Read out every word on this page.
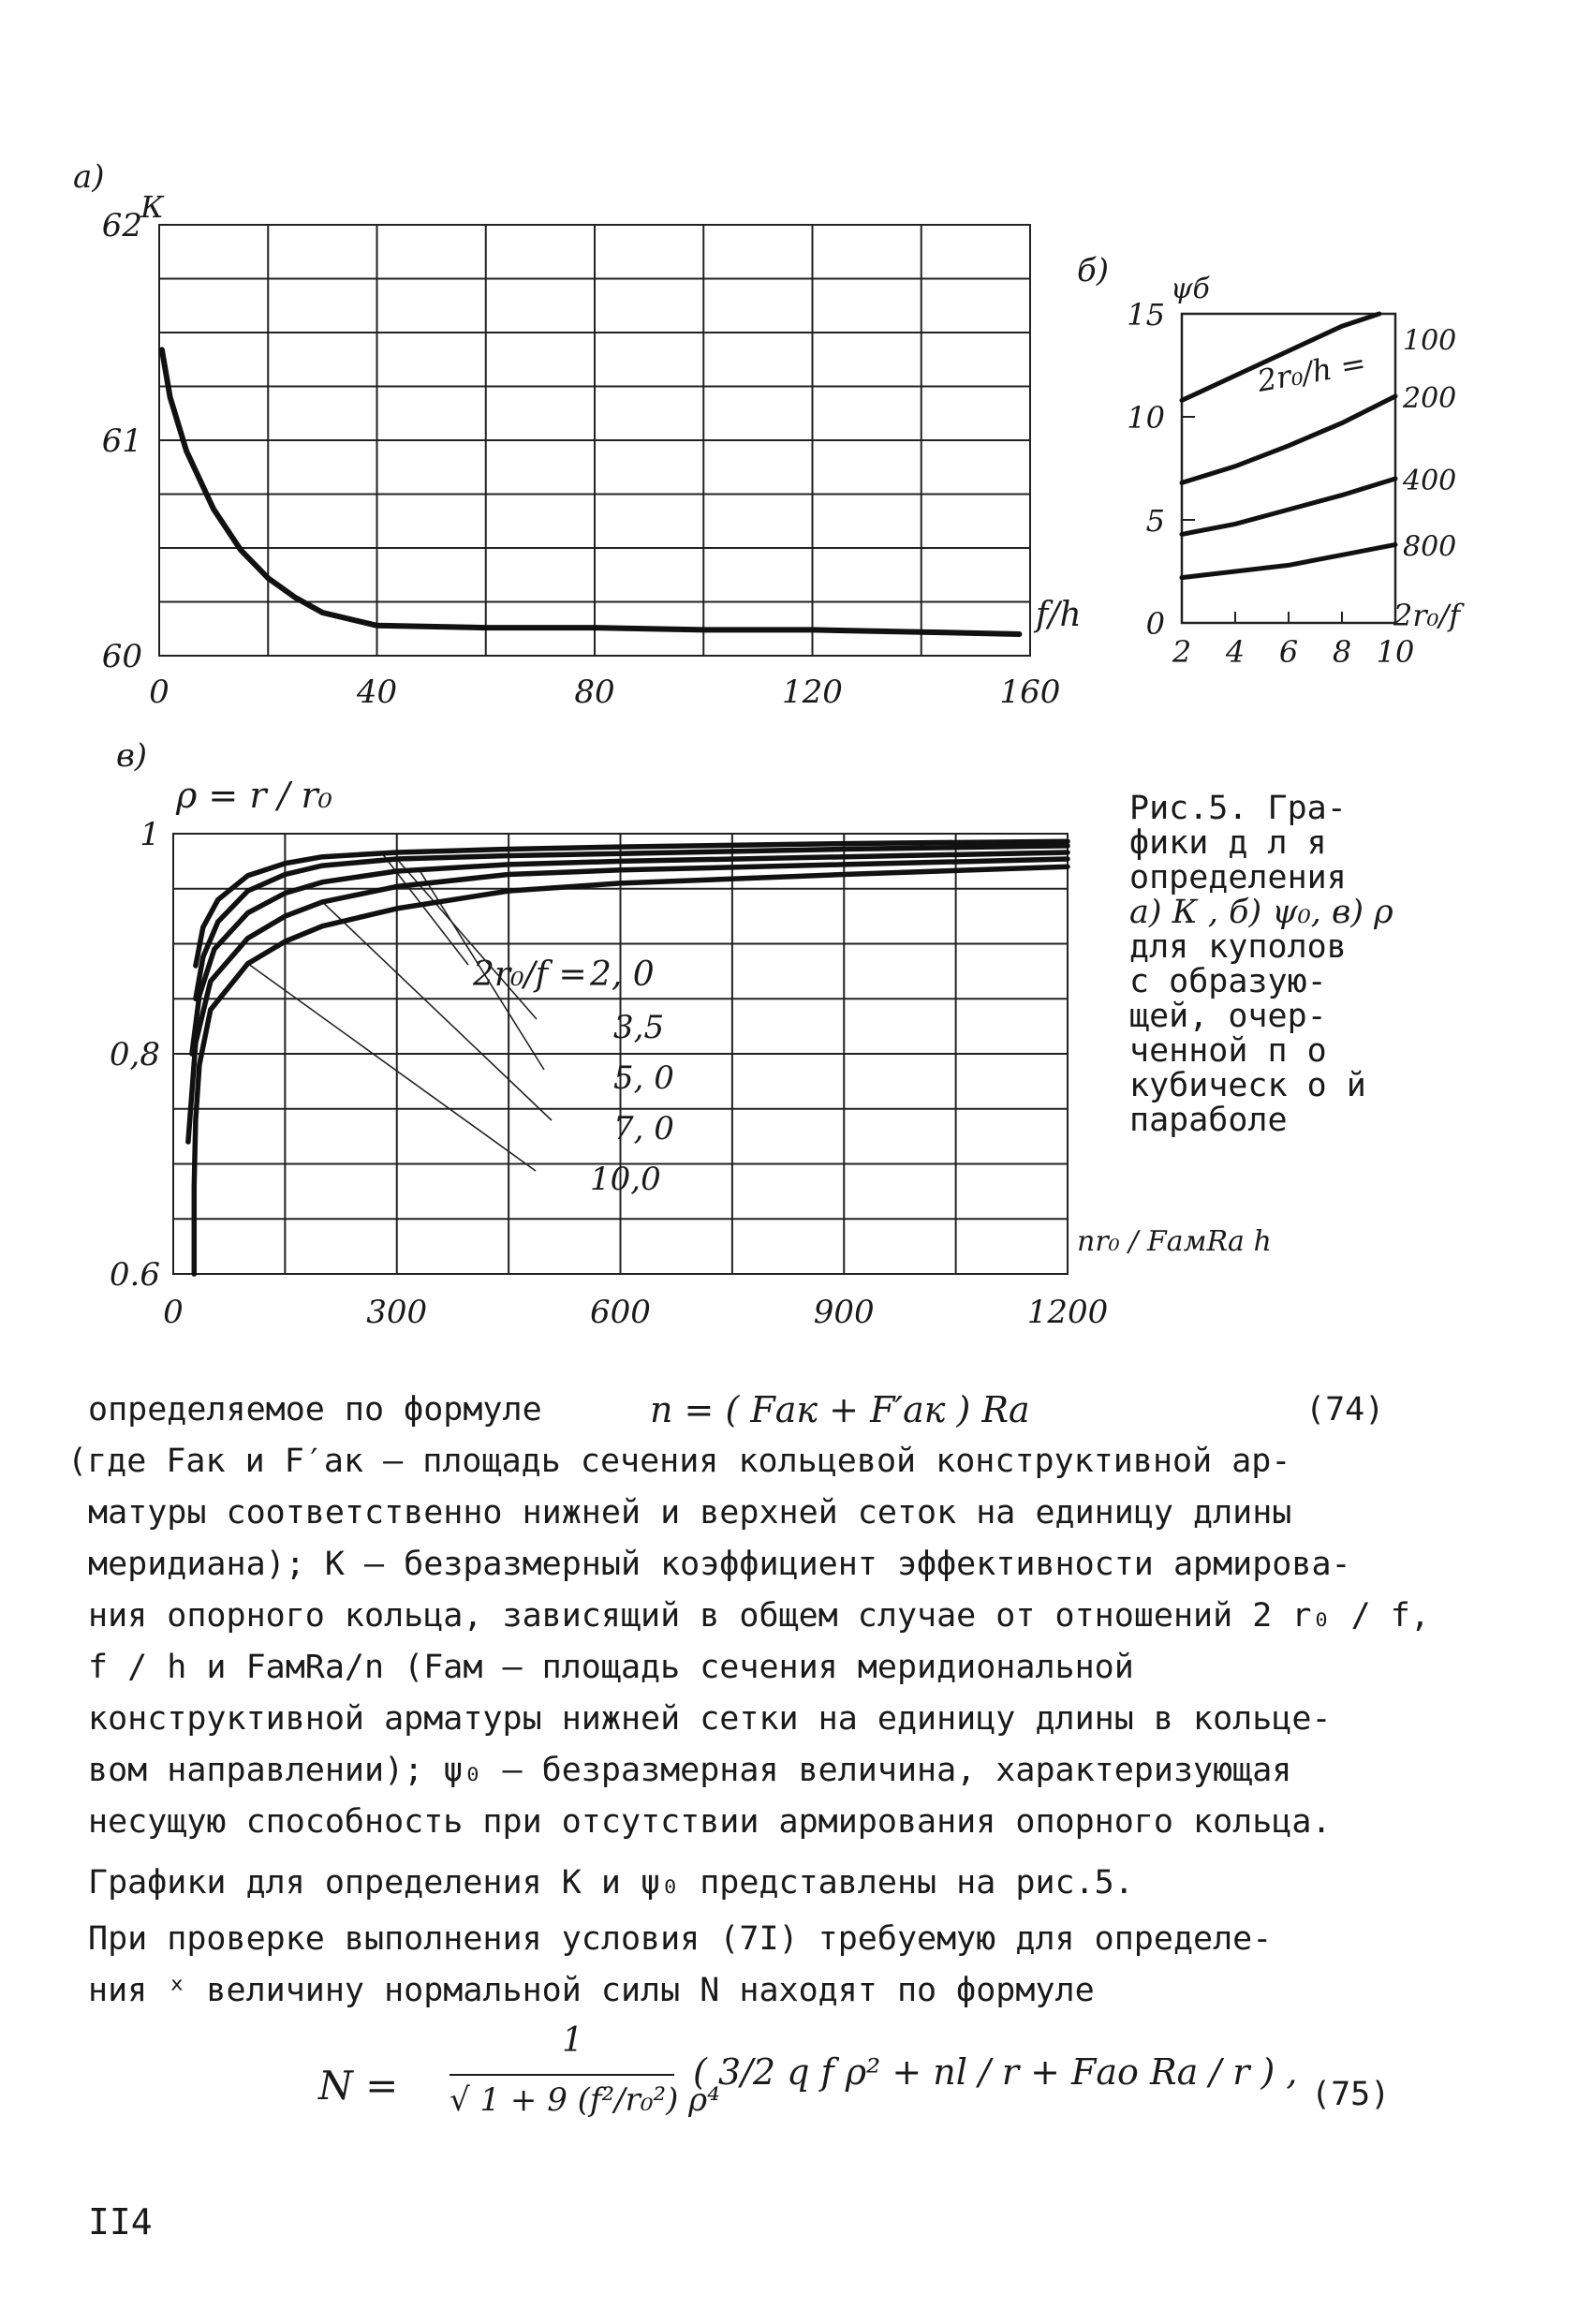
а)
К
f/h
0	40	80	120	160
60
61
62
б) ψб
2r₀/f
2r₀/h =
2 4 6 8 10
0
5
10
15
100
200
400
800
в)
ρ = r / r₀
2r₀/f =
nr₀ / FамRа h
0	300	600	900	1200
0.6
0,8
1
2, 0
3,5
5, 0
7, 0
10,0
Рис.5. Гра-
фики д л я
определения
а) К , б) ψ₀, в) ρ
для куполов
с образую-
щей, очер-
ченной п о
кубическ о й
параболе
определяемое по формуле	n = ( Fак + F′ак ) Rа	(74)
(где Fак и F′ак – площадь сечения кольцевой конструктивной ар-
матуры соответственно нижней и верхней сеток на единицу длины
меридиана); К – безразмерный коэффициент эффективности армирова-
ния опорного кольца, зависящий в общем случае от отношений 2 r₀ / f,
f / h и FамRа/n (Fам – площадь сечения меридиональной
конструктивной арматуры нижней сетки на единицу длины в кольце-
вом направлении); ψ₀ – безразмерная величина, характеризующая
несущую способность при отсутствии армирования опорного кольца.
Графики для определения К и ψ₀ представлены на рис.5.
При проверке выполнения условия (7I) требуемую для определе-
ния ˣ величину нормальной силы N находят по формуле
N =
1
√ 1 + 9 (f²/r₀²) ρ⁴
( 3/2 q f ρ² + nl / r + Fао Rа / r ) ,
(75)
II4
